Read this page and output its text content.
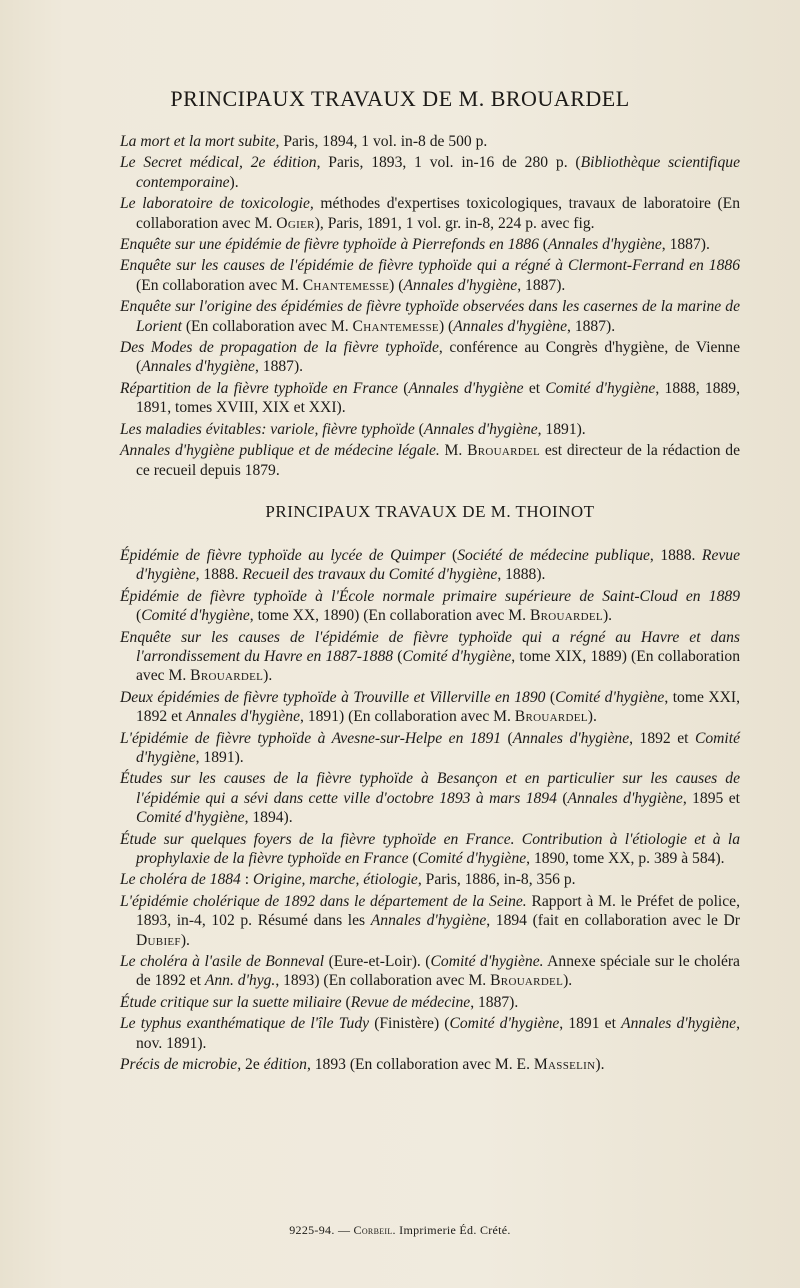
PRINCIPAUX TRAVAUX DE M. BROUARDEL

La mort et la mort subite, Paris, 1894, 1 vol. in-8 de 500 p.

Le Secret médical, 2e édition, Paris, 1893, 1 vol. in-16 de 280 p. (Bibliothèque scientifique contemporaine).

Le laboratoire de toxicologie, méthodes d'expertises toxicologiques, travaux de laboratoire (En collaboration avec M. Ogier), Paris, 1891, 1 vol. gr. in-8, 224 p. avec fig.

Enquête sur une épidémie de fièvre typhoïde à Pierrefonds en 1886 (Annales d'hygiène, 1887).

Enquête sur les causes de l'épidémie de fièvre typhoïde qui a régné à Clermont-Ferrand en 1886 (En collaboration avec M. Chantemesse) (Annales d'hygiène, 1887).

Enquête sur l'origine des épidémies de fièvre typhoïde observées dans les casernes de la marine de Lorient (En collaboration avec M. Chantemesse) (Annales d'hygiène, 1887).

Des Modes de propagation de la fièvre typhoïde, conférence au Congrès d'hygiène, de Vienne (Annales d'hygiène, 1887).

Répartition de la fièvre typhoïde en France (Annales d'hygiène et Comité d'hygiène, 1888, 1889, 1891, tomes XVIII, XIX et XXI).

Les maladies évitables: variole, fièvre typhoïde (Annales d'hygiène, 1891).

Annales d'hygiène publique et de médecine légale. M. Brouardel est directeur de la rédaction de ce recueil depuis 1879.

PRINCIPAUX TRAVAUX DE M. THOINOT

Épidémie de fièvre typhoïde au lycée de Quimper (Société de médecine publique, 1888. Revue d'hygiène, 1888. Recueil des travaux du Comité d'hygiène, 1888).

Épidémie de fièvre typhoïde à l'École normale primaire supérieure de Saint-Cloud en 1889 (Comité d'hygiène, tome XX, 1890) (En collaboration avec M. Brouardel).

Enquête sur les causes de l'épidémie de fièvre typhoïde qui a régné au Havre et dans l'arrondissement du Havre en 1887-1888 (Comité d'hygiène, tome XIX, 1889) (En collaboration avec M. Brouardel).

Deux épidémies de fièvre typhoïde à Trouville et Villerville en 1890 (Comité d'hygiène, tome XXI, 1892 et Annales d'hygiène, 1891) (En collaboration avec M. Brouardel).

L'épidémie de fièvre typhoïde à Avesne-sur-Helpe en 1891 (Annales d'hygiène, 1892 et Comité d'hygiène, 1891).

Études sur les causes de la fièvre typhoïde à Besançon et en particulier sur les causes de l'épidémie qui a sévi dans cette ville d'octobre 1893 à mars 1894 (Annales d'hygiène, 1895 et Comité d'hygiène, 1894).

Étude sur quelques foyers de la fièvre typhoïde en France. Contribution à l'étiologie et à la prophylaxie de la fièvre typhoïde en France (Comité d'hygiène, 1890, tome XX, p. 389 à 584).

Le choléra de 1884 : Origine, marche, étiologie, Paris, 1886, in-8, 356 p.

L'épidémie cholérique de 1892 dans le département de la Seine. Rapport à M. le Préfet de police, 1893, in-4, 102 p. Résumé dans les Annales d'hygiène, 1894 (fait en collaboration avec le Dr Dubief).

Le choléra à l'asile de Bonneval (Eure-et-Loir). (Comité d'hygiène. Annexe spéciale sur le choléra de 1892 et Ann. d'hyg., 1893) (En collaboration avec M. Brouardel).

Étude critique sur la suette miliaire (Revue de médecine, 1887).

Le typhus exanthématique de l'île Tudy (Finistère) (Comité d'hygiène, 1891 et Annales d'hygiène, nov. 1891).

Précis de microbie, 2e édition, 1893 (En collaboration avec M. E. Masselin).

9225-94. — Corbeil. Imprimerie Éd. Crété.
